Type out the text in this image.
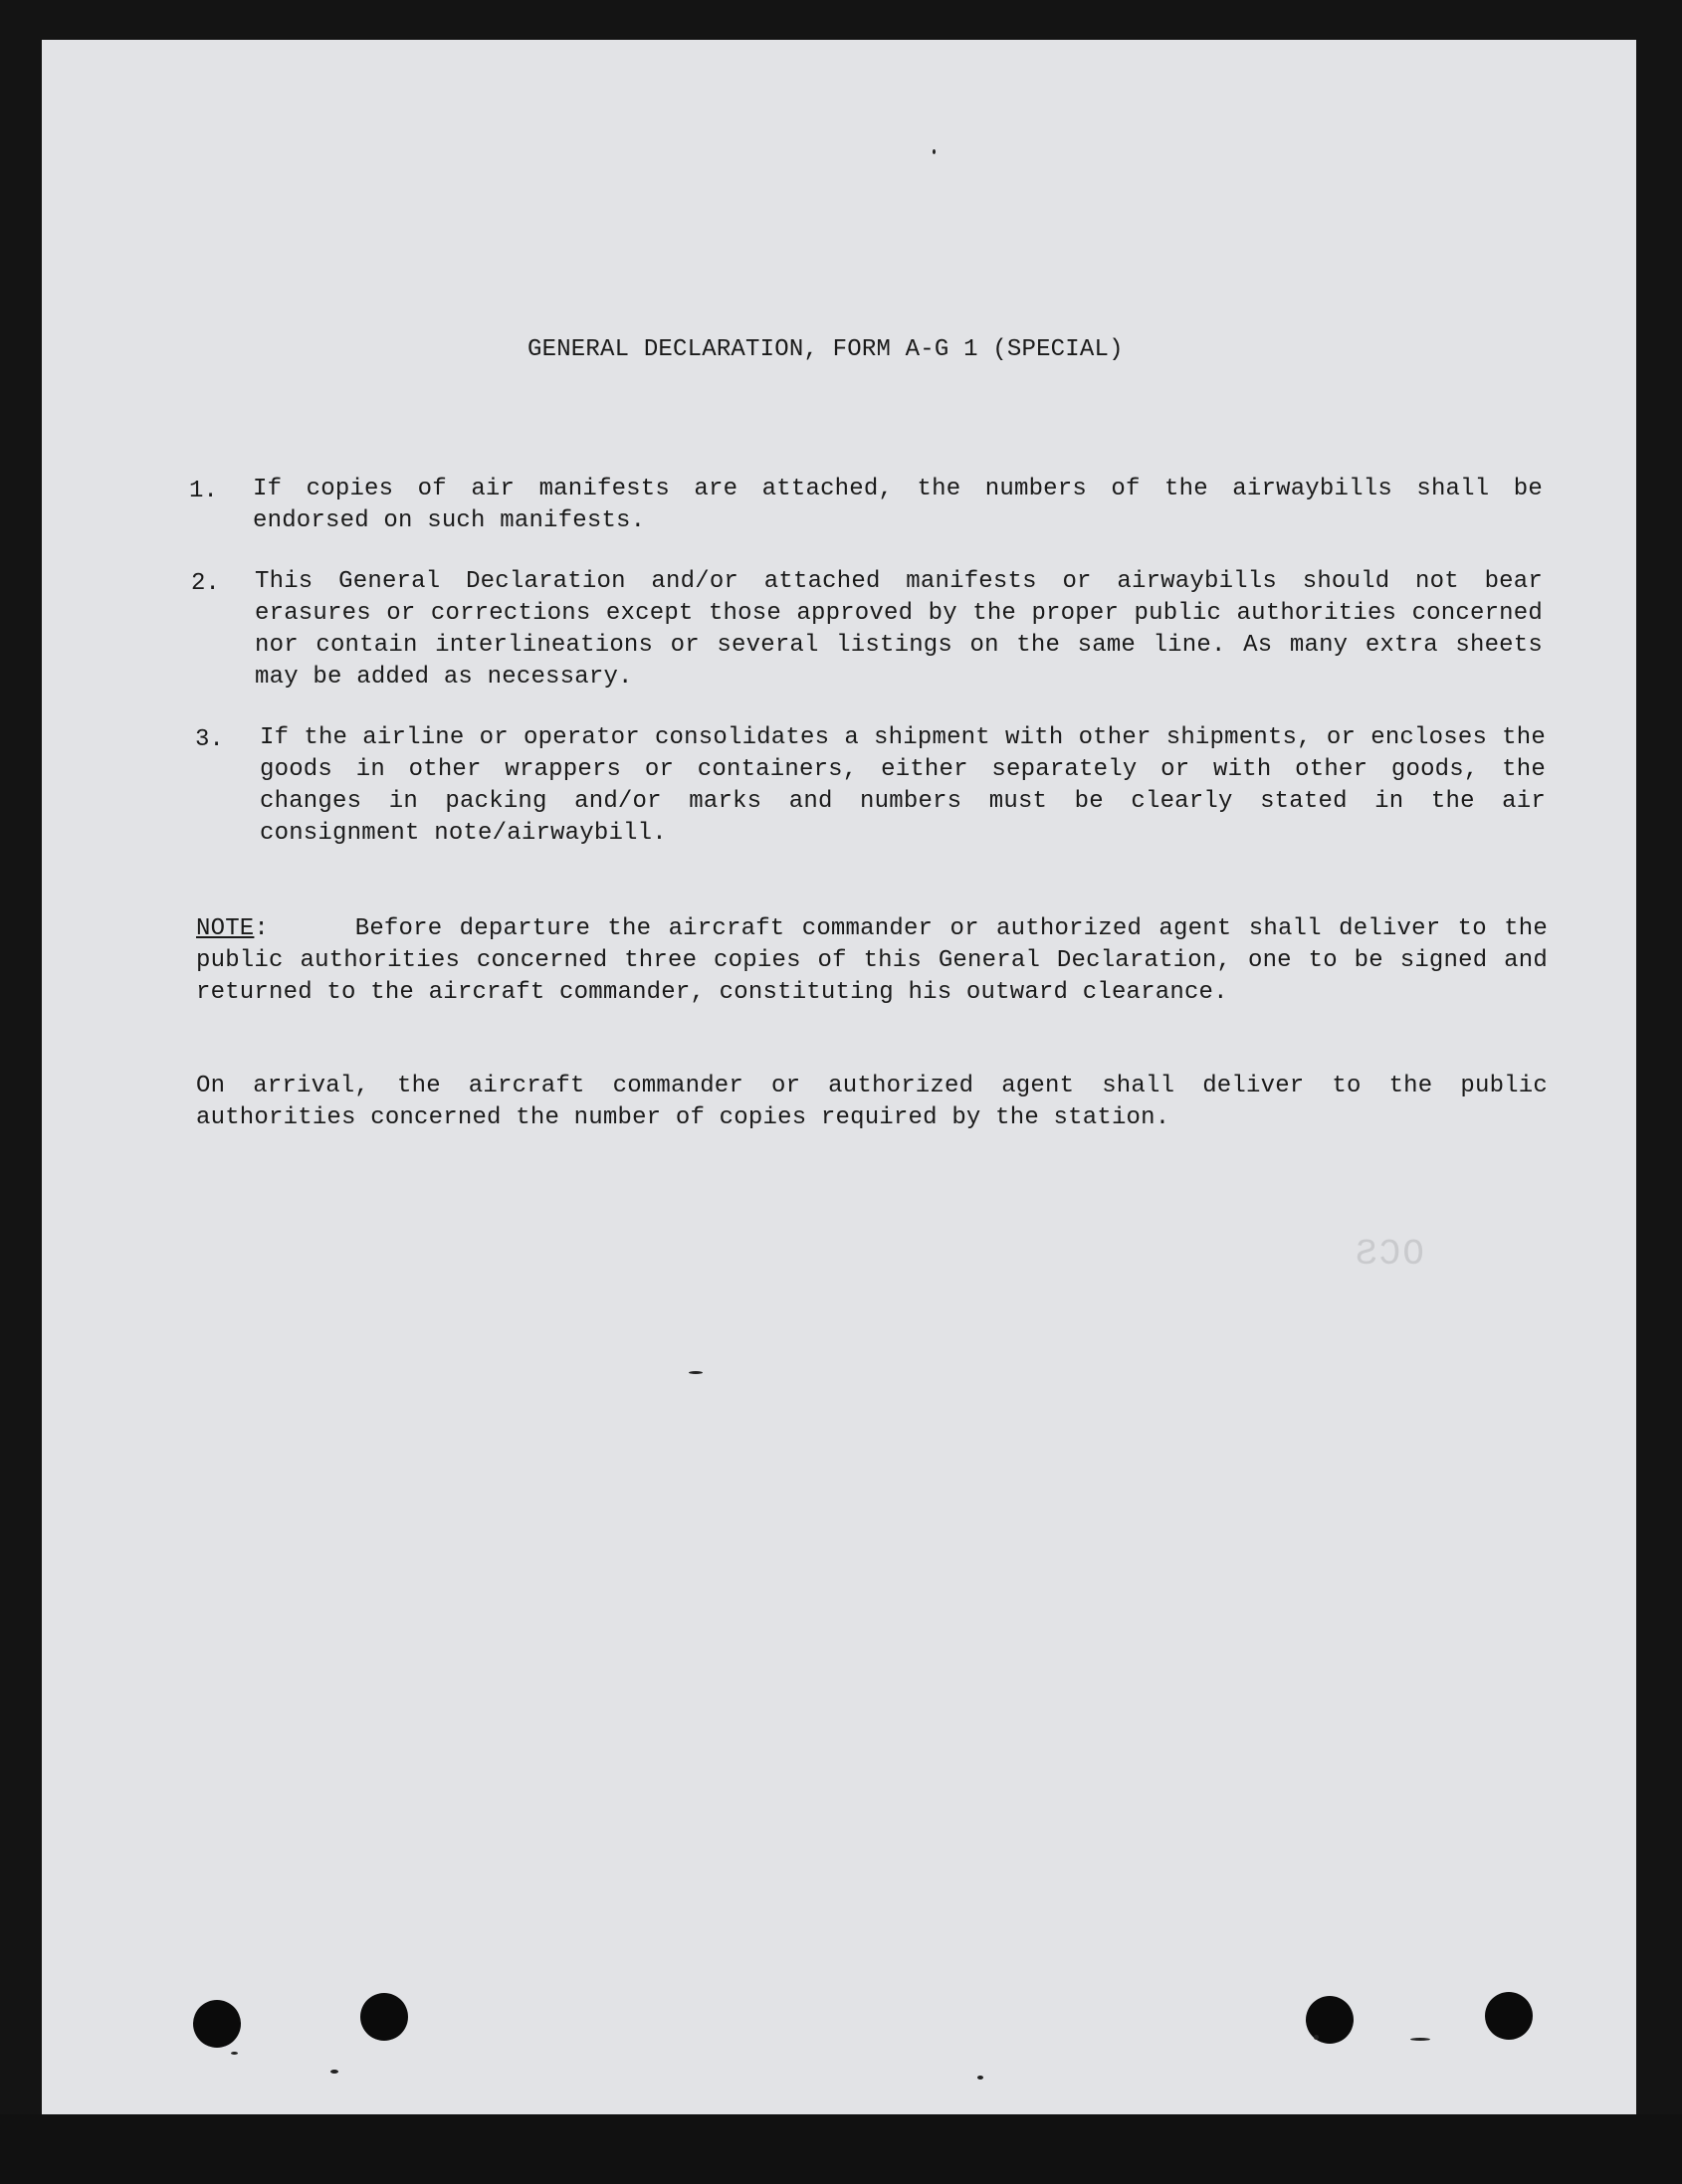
GENERAL DECLARATION, FORM A-G 1 (SPECIAL)
1. If copies of air manifests are attached, the numbers of the airwaybills shall be endorsed on such manifests.
2. This General Declaration and/or attached manifests or airwaybills should not bear erasures or corrections except those approved by the proper public authorities concerned nor contain interlineations or several listings on the same line. As many extra sheets may be added as necessary.
3. If the airline or operator consolidates a shipment with other shipments, or encloses the goods in other wrappers or containers, either separately or with other goods, the changes in packing and/or marks and numbers must be clearly stated in the air consignment note/airwaybill.
NOTE:     Before departure the aircraft commander or authorized agent shall deliver to the public authorities concerned three copies of this General Declaration, one to be signed and returned to the aircraft commander, constituting his outward clearance.
On arrival, the aircraft commander or authorized agent shall deliver to the public authorities concerned the number of copies required by the station.
OCS
